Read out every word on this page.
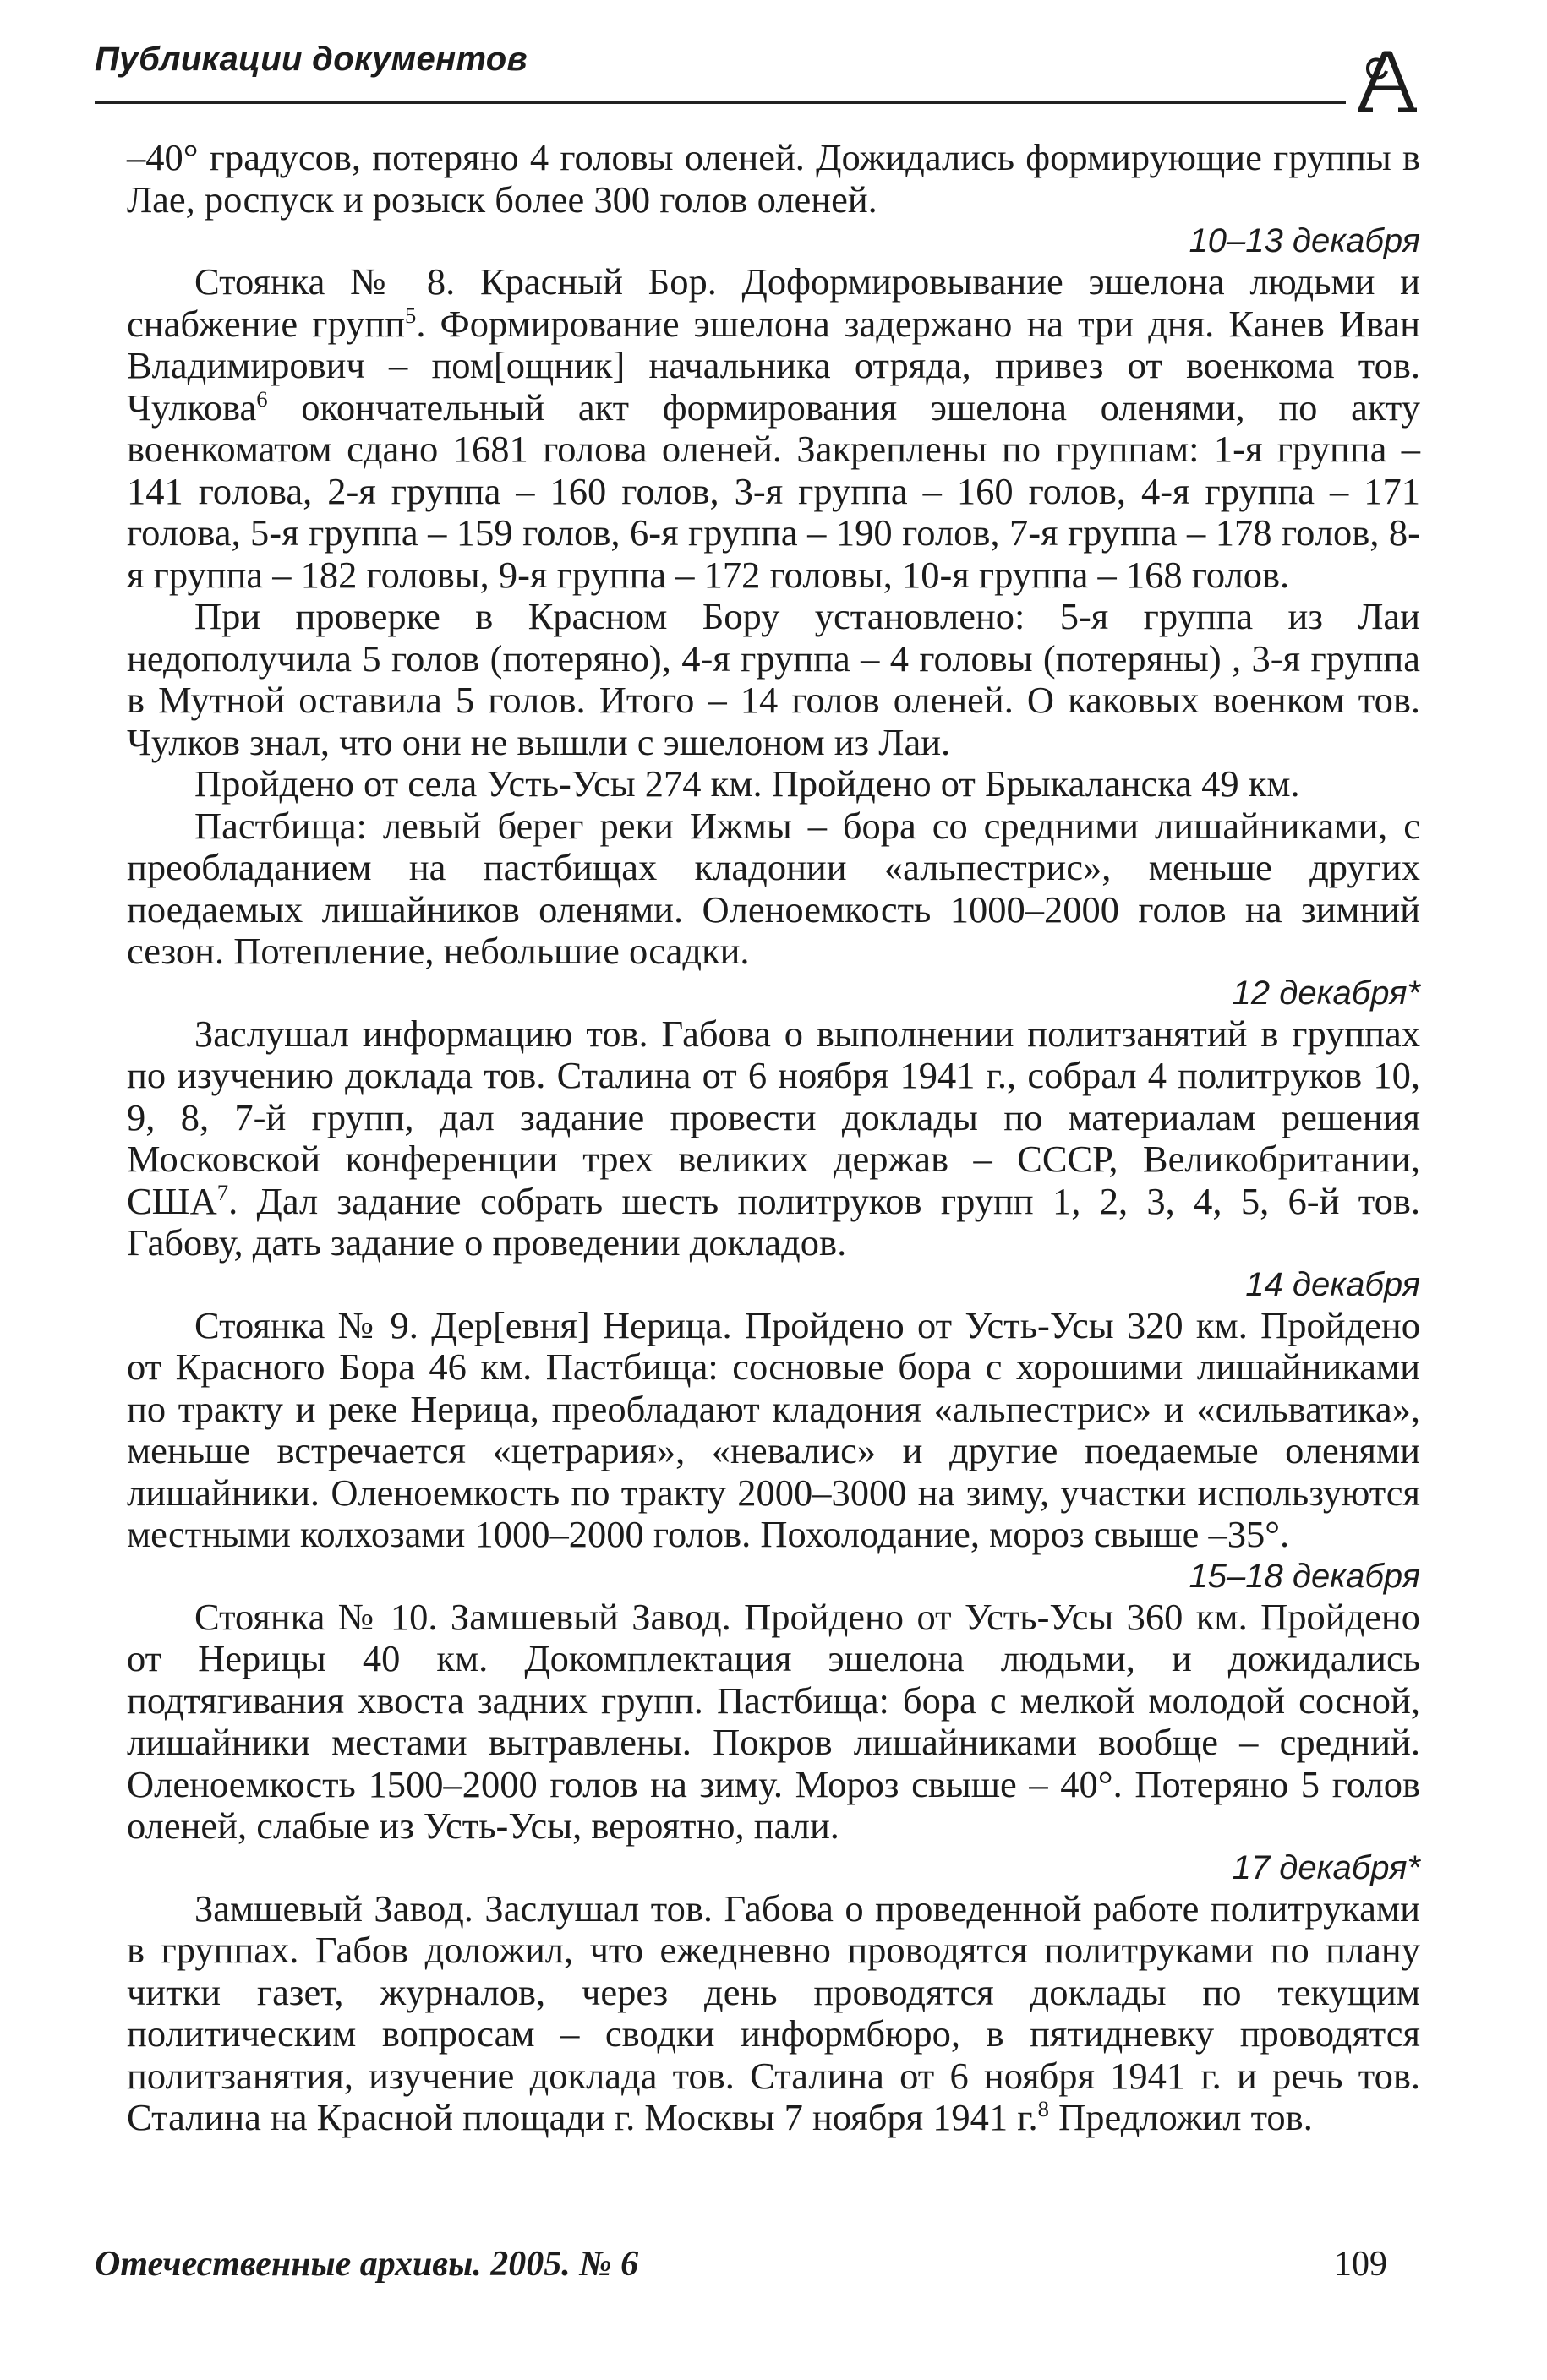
Публикации документов

–40° градусов, потеряно 4 головы оленей. Дожидались формирующие группы в Лае, роспуск и розыск более 300 голов оленей.

10–13 декабря

Стоянка № 8. Красный Бор. Доформировывание эшелона людьми и снабжение групп$^5$. Формирование эшелона задержано на три дня. Канев Иван Владимирович – пом[ощник] начальника отряда, привез от военкома тов. Чулкова$^6$ окончательный акт формирования эшелона оленями, по акту военкоматом сдано 1681 голова оленей. Закреплены по группам: 1-я группа – 141 голова, 2-я группа – 160 голов, 3-я группа – 160 голов, 4-я группа – 171 голова, 5-я группа – 159 голов, 6-я группа – 190 голов, 7-я группа – 178 голов, 8-я группа – 182 головы, 9-я группа – 172 головы, 10-я группа – 168 голов.

При проверке в Красном Бору установлено: 5-я группа из Лаи недополучила 5 голов (потеряно), 4-я группа – 4 головы (потеряны) , 3-я группа в Мутной оставила 5 голов. Итого – 14 голов оленей. О каковых военком тов. Чулков знал, что они не вышли с эшелоном из Лаи.

Пройдено от села Усть-Усы 274 км. Пройдено от Брыкаланска 49 км.

Пастбища: левый берег реки Ижмы – бора со средними лишайниками, с преобладанием на пастбищах кладонии «альпестрис», меньше других поедаемых лишайников оленями. Оленоемкость 1000–2000 голов на зимний сезон. Потепление, небольшие осадки.

12 декабря*

Заслушал информацию тов. Габова о выполнении политзанятий в группах по изучению доклада тов. Сталина от 6 ноября 1941 г., собрал 4 политруков 10, 9, 8, 7-й групп, дал задание провести доклады по материалам решения Московской конференции трех великих держав – СССР, Великобритании, США$^7$. Дал задание собрать шесть политруков групп 1, 2, 3, 4, 5, 6-й тов. Габову, дать задание о проведении докладов.

14 декабря

Стоянка № 9. Дер[евня] Нерица. Пройдено от Усть-Усы 320 км. Пройдено от Красного Бора 46 км. Пастбища: сосновые бора с хорошими лишайниками по тракту и реке Нерица, преобладают кладония «альпестрис» и «сильватика», меньше встречается «цетрария», «невалис» и другие поедаемые оленями лишайники. Оленоемкость по тракту 2000–3000 на зиму, участки используются местными колхозами 1000–2000 голов. Похолодание, мороз свыше –35°.

15–18 декабря

Стоянка № 10. Замшевый Завод. Пройдено от Усть-Усы 360 км. Пройдено от Нерицы 40 км. Докомплектация эшелона людьми, и дожидались подтягивания хвоста задних групп. Пастбища: бора с мелкой молодой сосной, лишайники местами вытравлены. Покров лишайниками вообще – средний. Оленоемкость 1500–2000 голов на зиму. Мороз свыше – 40°. Потеряно 5 голов оленей, слабые из Усть-Усы, вероятно, пали.

17 декабря*

Замшевый Завод. Заслушал тов. Габова о проведенной работе политруками в группах. Габов доложил, что ежедневно проводятся политруками по плану читки газет, журналов, через день проводятся доклады по текущим политическим вопросам – сводки информбюро, в пятидневку проводятся политзанятия, изучение доклада тов. Сталина от 6 ноября 1941 г. и речь тов. Сталина на Красной площади г. Москвы 7 ноября 1941 г.$^8$ Предложил тов.

Отечественные архивы. 2005. № 6	109
